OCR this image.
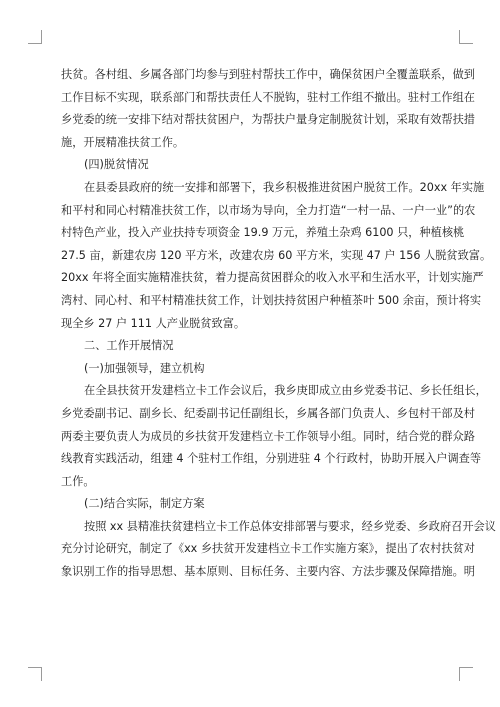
扶贫。各村组、乡属各部门均参与到驻村帮扶工作中，确保贫困户全覆盖联系，做到
工作目标不实现，联系部门和帮扶责任人不脱钩，驻村工作组不撤出。驻村工作组在
乡党委的统一安排下结对帮扶贫困户，为帮扶户量身定制脱贫计划，采取有效帮扶措
施，开展精准扶贫工作。
(四)脱贫情况
在县委县政府的统一安排和部署下，我乡积极推进贫困户脱贫工作。20xx 年实施
和平村和同心村精准扶贫工作，以市场为导向，全力打造“一村一品、一户一业”的农
村特色产业，投入产业扶持专项资金 19.9 万元，养殖土杂鸡 6100 只，种植核桃
27.5 亩，新建农房 120 平方米，改建农房 60 平方米，实现 47 户 156 人脱贫致富。
20xx 年将全面实施精准扶贫，着力提高贫困群众的收入水平和生活水平，计划实施严
湾村、同心村、和平村精准扶贫工作，计划扶持贫困户种植茶叶 500 余亩，预计将实
现全乡 27 户 111 人产业脱贫致富。
二、工作开展情况
(一)加强领导，建立机构
在全县扶贫开发建档立卡工作会议后，我乡庚即成立由乡党委书记、乡长任组长，
乡党委副书记、副乡长、纪委副书记任副组长，乡属各部门负责人、乡包村干部及村
两委主要负责人为成员的乡扶贫开发建档立卡工作领导小组。同时，结合党的群众路
线教育实践活动，组建 4 个驻村工作组，分别进驻 4 个行政村，协助开展入户调查等
工作。
(二)结合实际，制定方案
按照 xx 县精准扶贫建档立卡工作总体安排部署与要求，经乡党委、乡政府召开会议
充分讨论研究，制定了《xx 乡扶贫开发建档立卡工作实施方案》，提出了农村扶贫对
象识别工作的指导思想、基本原则、目标任务、主要内容、方法步骤及保障措施。明
